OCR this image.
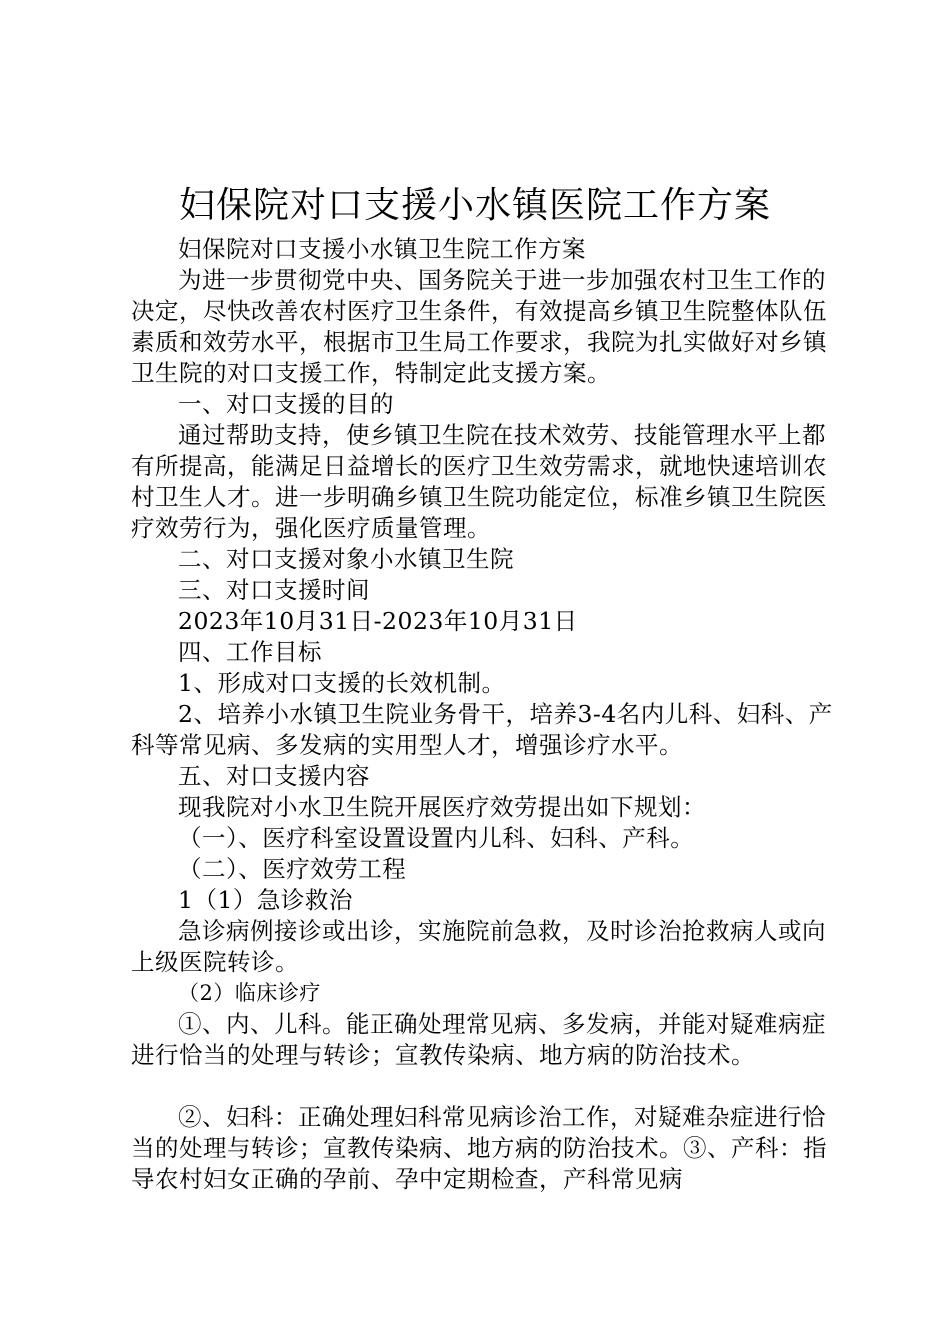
妇保院对口支援小水镇医院工作方案

妇保院对口支援小水镇卫生院工作方案

为进一步贯彻党中央、国务院关于进一步加强农村卫生工作的决定，尽快改善农村医疗卫生条件，有效提高乡镇卫生院整体队伍素质和效劳水平，根据市卫生局工作要求，我院为扎实做好对乡镇卫生院的对口支援工作，特制定此支援方案。

一、对口支援的目的

通过帮助支持，使乡镇卫生院在技术效劳、技能管理水平上都有所提高，能满足日益增长的医疗卫生效劳需求，就地快速培训农村卫生人才。进一步明确乡镇卫生院功能定位，标准乡镇卫生院医疗效劳行为，强化医疗质量管理。

二、对口支援对象小水镇卫生院

三、对口支援时间

2023年10月31日-2023年10月31日

四、工作目标

1、形成对口支援的长效机制。

2、培养小水镇卫生院业务骨干，培养3-4名内儿科、妇科、产科等常见病、多发病的实用型人才，增强诊疗水平。

五、对口支援内容

现我院对小水卫生院开展医疗效劳提出如下规划：

（一）、医疗科室设置设置内儿科、妇科、产科。

（二）、医疗效劳工程

1（1）急诊救治

急诊病例接诊或出诊，实施院前急救，及时诊治抢救病人或向上级医院转诊。

（2）临床诊疗

①、内、儿科。能正确处理常见病、多发病，并能对疑难病症进行恰当的处理与转诊；宣教传染病、地方病的防治技术。

②、妇科：正确处理妇科常见病诊治工作，对疑难杂症进行恰当的处理与转诊；宣教传染病、地方病的防治技术。③、产科：指导农村妇女正确的孕前、孕中定期检查，产科常见病
